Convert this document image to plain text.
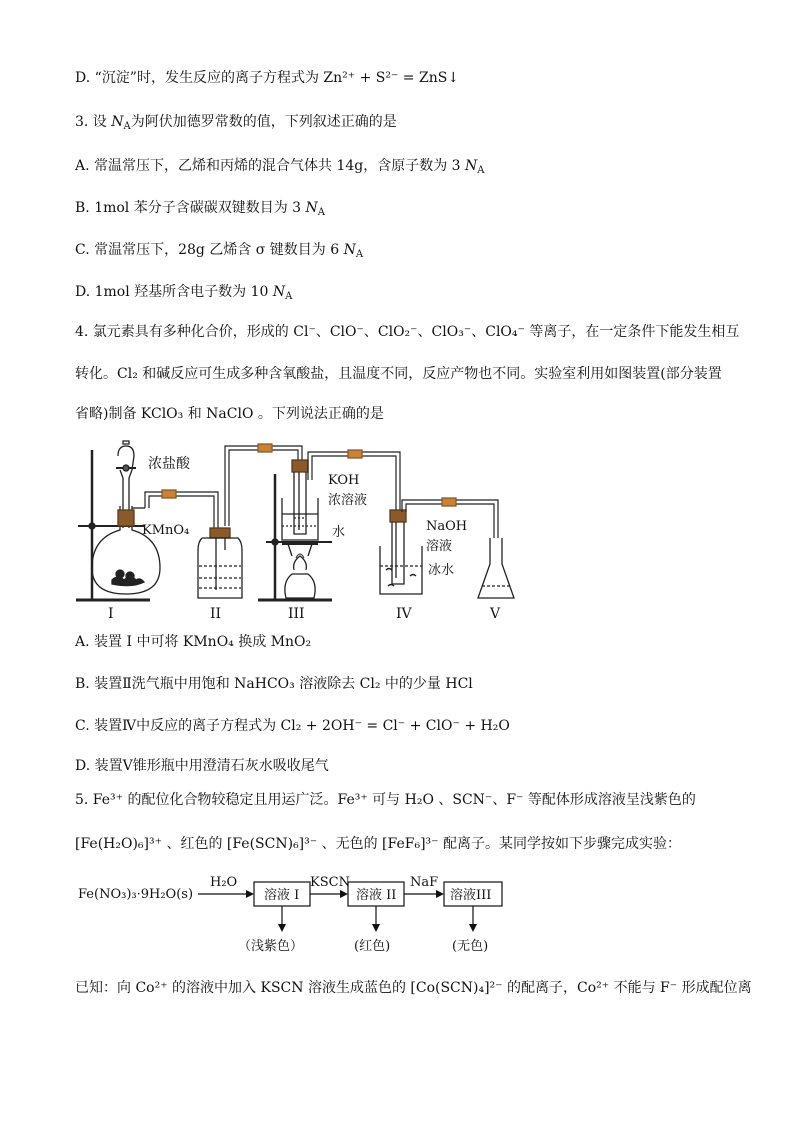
D. “沉淀”时，发生反应的离子方程式为 Zn²⁺ + S²⁻ = ZnS↓
3. 设 $N_A$为阿伏加德罗常数的值，下列叙述正确的是
A. 常温常压下，乙烯和丙烯的混合气体共 14g，含原子数为 3 $N_A$
B. 1mol 苯分子含碳碳双键数目为 3 $N_A$
C. 常温常压下，28g 乙烯含 σ 键数目为 6 $N_A$
D. 1mol 羟基所含电子数为 10 $N_A$
4. 氯元素具有多种化合价，形成的 Cl⁻、ClO⁻、ClO₂⁻、ClO₃⁻、ClO₄⁻ 等离子，在一定条件下能发生相互
转化。Cl₂ 和碱反应可生成多种含氧酸盐，且温度不同，反应产物也不同。实验室利用如图装置(部分装置
省略)制备 KClO₃ 和 NaClO 。下列说法正确的是
浓盐酸
KMnO₄
KOH
浓溶液
水	NaOH
溶液
冰水
I	II	III	IV	V
A. 装置 I 中可将 KMnO₄ 换成 MnO₂
B. 装置Ⅱ洗气瓶中用饱和 NaHCO₃ 溶液除去 Cl₂ 中的少量 HCl
C. 装置Ⅳ中反应的离子方程式为 Cl₂ + 2OH⁻ = Cl⁻ + ClO⁻ + H₂O
D. 装置Ⅴ锥形瓶中用澄清石灰水吸收尾气
5. Fe³⁺ 的配位化合物较稳定且用运广泛。Fe³⁺ 可与 H₂O 、SCN⁻、F⁻ 等配体形成溶液呈浅紫色的
[Fe(H₂O)₆]³⁺ 、红色的 [Fe(SCN)₆]³⁻ 、无色的 [FeF₆]³⁻ 配离子。某同学按如下步骤完成实验：
Fe(NO₃)₃·9H₂O(s)
H₂O
溶液 I
KSCN
溶液 II
NaF
溶液III
（浅紫色）	(红色)	(无色)
已知：向 Co²⁺ 的溶液中加入 KSCN 溶液生成蓝色的 [Co(SCN)₄]²⁻ 的配离子，Co²⁺ 不能与 F⁻ 形成配位离
